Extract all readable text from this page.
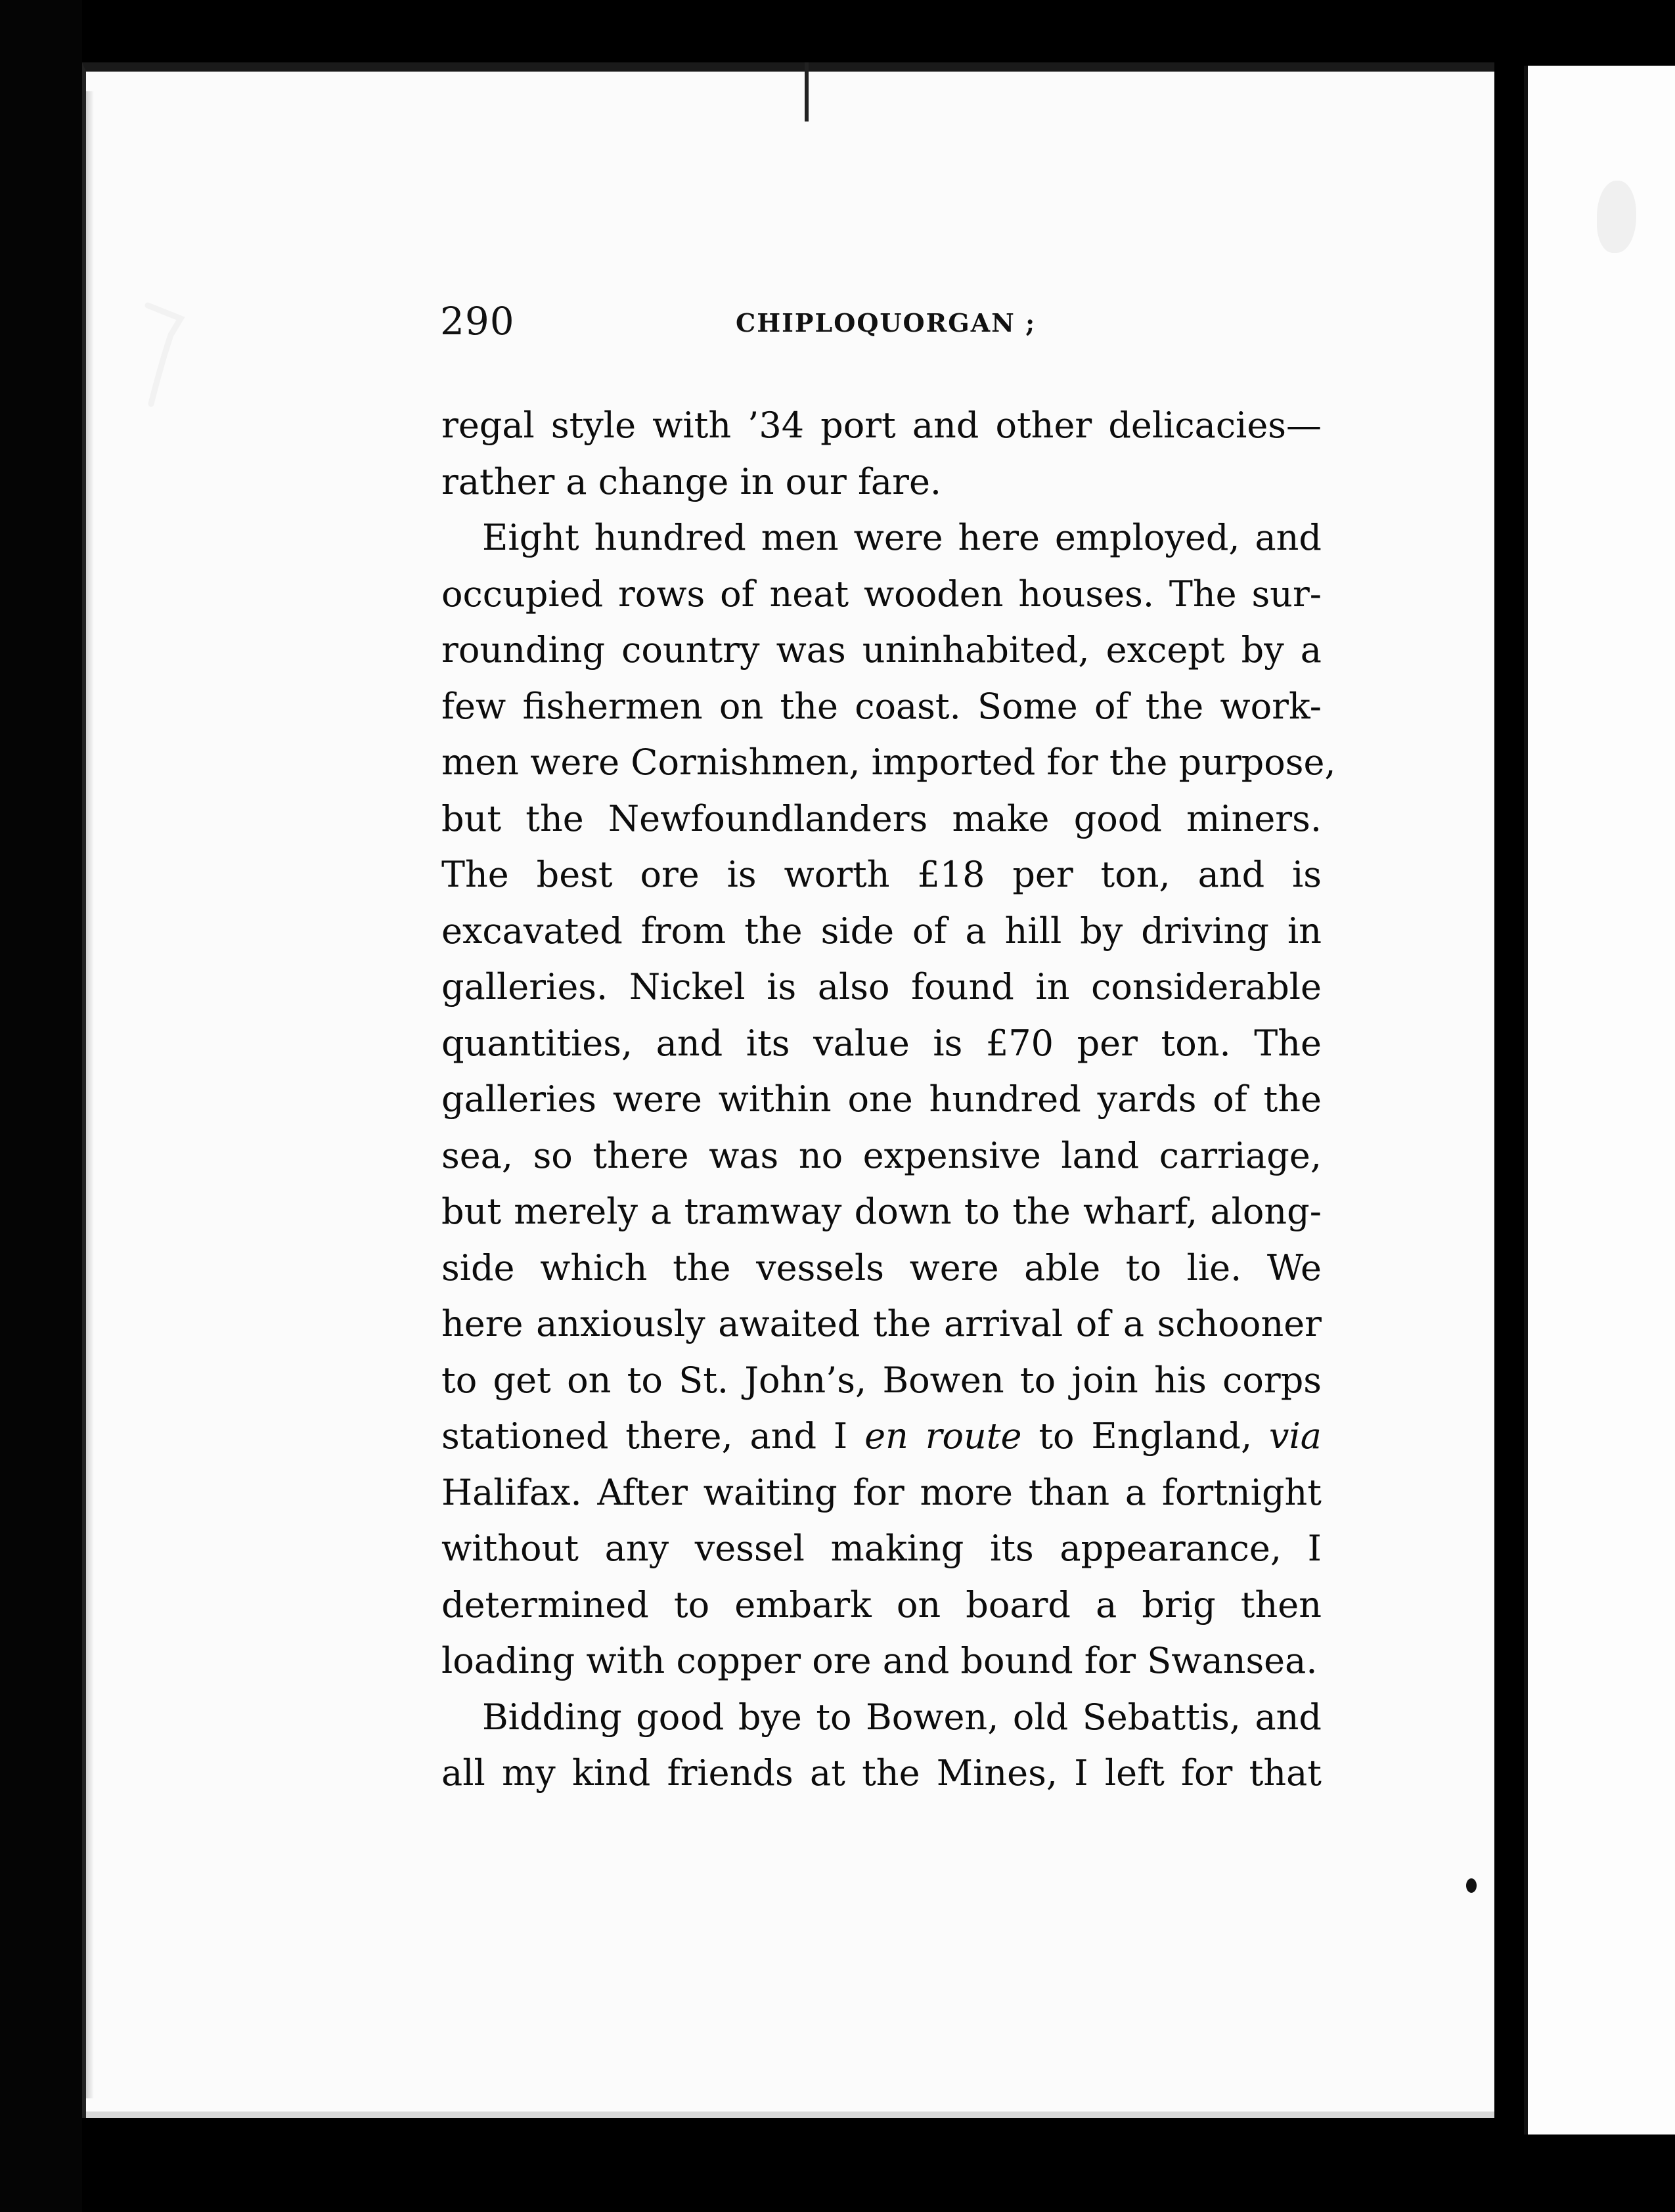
290	CHIPLOQUORGAN ;
regal style with ’34 port and other delicacies—
rather a change in our fare.
Eight hundred men were here employed, and
occupied rows of neat wooden houses. The sur-
rounding country was uninhabited, except by a
few fishermen on the coast. Some of the work-
men were Cornishmen, imported for the purpose,
but the Newfoundlanders make good miners.
The best ore is worth £18 per ton, and is
excavated from the side of a hill by driving in
galleries. Nickel is also found in considerable
quantities, and its value is £70 per ton. The
galleries were within one hundred yards of the
sea, so there was no expensive land carriage,
but merely a tramway down to the wharf, along-
side which the vessels were able to lie. We
here anxiously awaited the arrival of a schooner
to get on to St. John’s, Bowen to join his corps
stationed there, and I en route to England, via
Halifax. After waiting for more than a fortnight
without any vessel making its appearance, I
determined to embark on board a brig then
loading with copper ore and bound for Swansea.
Bidding good bye to Bowen, old Sebattis, and
all my kind friends at the Mines, I left for that
